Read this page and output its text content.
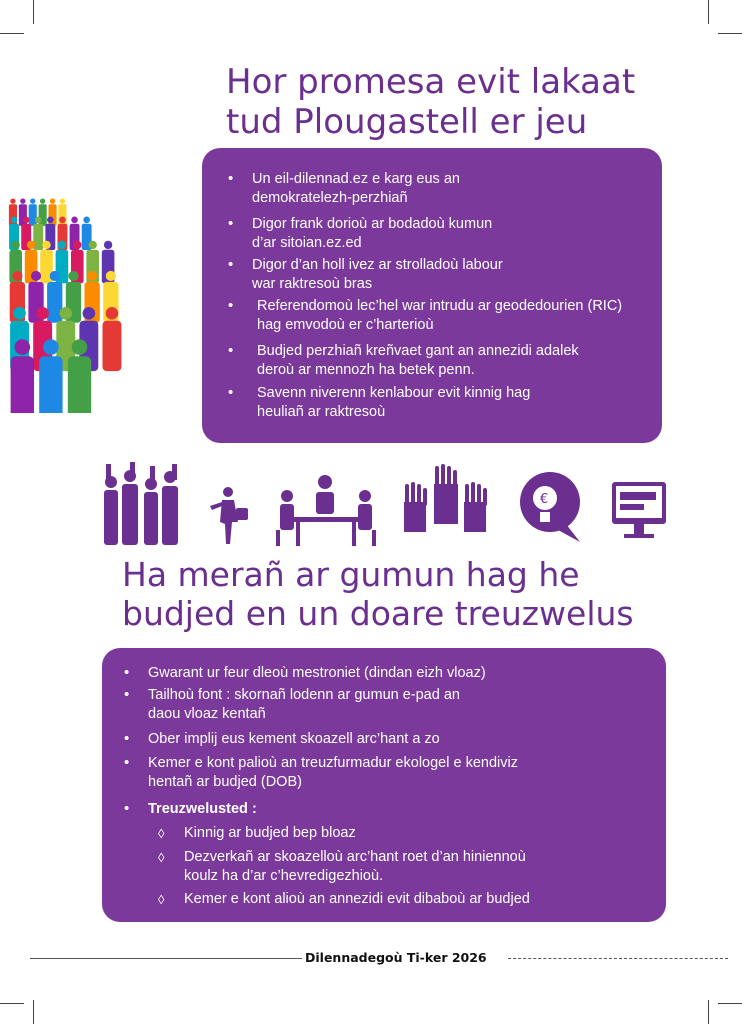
Hor promesa evit lakaat
tud Plougastell er jeu
• Un eil-dilennad.ez e karg eus an
demokratelezh-perzhiañ
• Digor frank dorioù ar bodadoù kumun
d’ar sitoian.ez.ed
• Digor d’an holl ivez ar strolladoù labour
war raktresoù bras
• Referendomoù lec’hel war intrudu ar geodedourien (RIC)
hag emvodoù er c’harterioù
• Budjed perzhiañ kreñvaet gant an annezidi adalek
deroù ar mennozh ha betek penn.
• Savenn niverenn kenlabour evit kinnig hag
heuliañ ar raktresoù
€
Ha merañ ar gumun hag he
budjed en un doare treuzwelus
• Gwarant ur feur dleoù mestroniet (dindan eizh vloaz)
• Tailhoù font : skornañ lodenn ar gumun e-pad an
daou vloaz kentañ
• Ober implij eus kement skoazell arc’hant a zo
• Kemer e kont palioù an treuzfurmadur ekologel e kendiviz
hentañ ar budjed (DOB)
• Treuzwelusted :
◊ Kinnig ar budjed bep bloaz
◊ Dezverkañ ar skoazelloù arc’hant roet d’an hiniennoù
koulz ha d’ar c’hevredigezhioù.
◊ Kemer e kont alioù an annezidi evit dibaboù ar budjed
Dilennadegoù Ti-ker 2026
